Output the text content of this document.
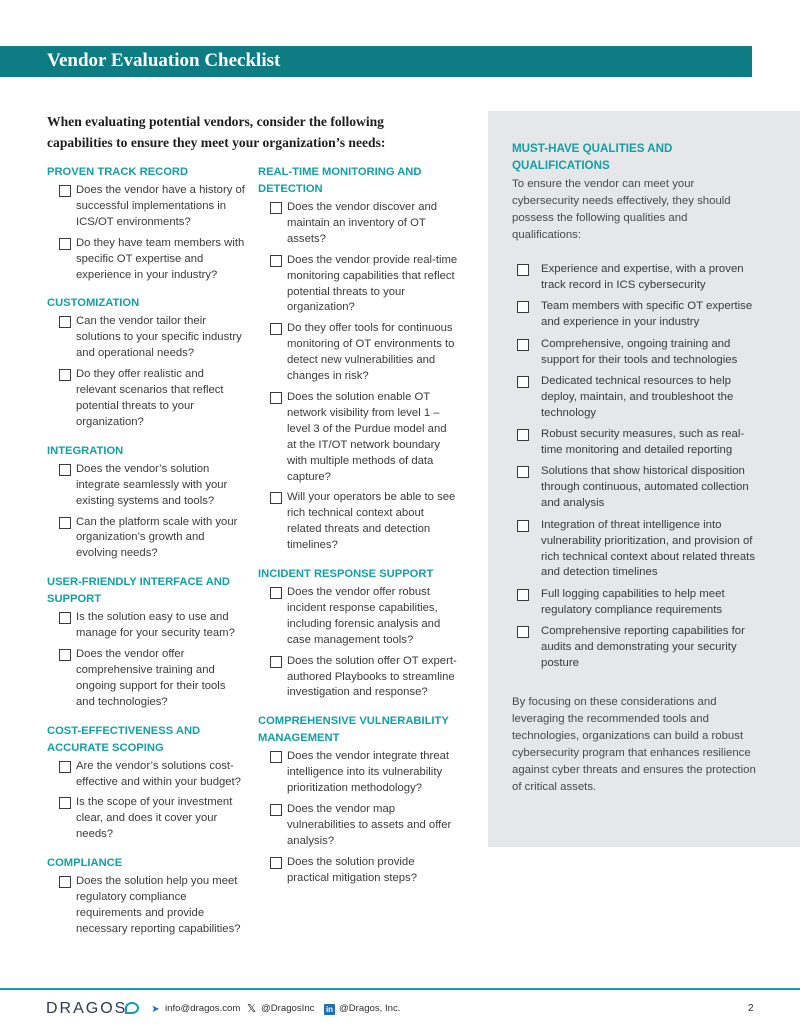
Vendor Evaluation Checklist
When evaluating potential vendors, consider the following capabilities to ensure they meet your organization’s needs:
PROVEN TRACK RECORD
Does the vendor have a history of successful implementations in ICS/OT environments?
Do they have team members with specific OT expertise and experience in your industry?
CUSTOMIZATION
Can the vendor tailor their solutions to your specific industry and operational needs?
Do they offer realistic and relevant scenarios that reflect potential threats to your organization?
INTEGRATION
Does the vendor’s solution integrate seamlessly with your existing systems and tools?
Can the platform scale with your organization’s growth and evolving needs?
USER-FRIENDLY INTERFACE AND SUPPORT
Is the solution easy to use and manage for your security team?
Does the vendor offer comprehensive training and ongoing support for their tools and technologies?
COST-EFFECTIVENESS AND ACCURATE SCOPING
Are the vendor’s solutions cost-effective and within your budget?
Is the scope of your investment clear, and does it cover your needs?
COMPLIANCE
Does the solution help you meet regulatory compliance requirements and provide necessary reporting capabilities?
REAL-TIME MONITORING AND DETECTION
Does the vendor discover and maintain an inventory of OT assets?
Does the vendor provide real-time monitoring capabilities that reflect potential threats to your organization?
Do they offer tools for continuous monitoring of OT environments to detect new vulnerabilities and changes in risk?
Does the solution enable OT network visibility from level 1 – level 3 of the Purdue model and at the IT/OT network boundary with multiple methods of data capture?
Will your operators be able to see rich technical context about related threats and detection timelines?
INCIDENT RESPONSE SUPPORT
Does the vendor offer robust incident response capabilities, including forensic analysis and case management tools?
Does the solution offer OT expert-authored Playbooks to streamline investigation and response?
COMPREHENSIVE VULNERABILITY MANAGEMENT
Does the vendor integrate threat intelligence into its vulnerability prioritization methodology?
Does the vendor map vulnerabilities to assets and offer analysis?
Does the solution provide practical mitigation steps?
MUST-HAVE QUALITIES AND QUALIFICATIONS
To ensure the vendor can meet your cybersecurity needs effectively, they should possess the following qualities and qualifications:
Experience and expertise, with a proven track record in ICS cybersecurity
Team members with specific OT expertise and experience in your industry
Comprehensive, ongoing training and support for their tools and technologies
Dedicated technical resources to help deploy, maintain, and troubleshoot the technology
Robust security measures, such as real-time monitoring and detailed reporting
Solutions that show historical disposition through continuous, automated collection and analysis
Integration of threat intelligence into vulnerability prioritization, and provision of rich technical context about related threats and detection timelines
Full logging capabilities to help meet regulatory compliance requirements
Comprehensive reporting capabilities for audits and demonstrating your security posture
By focusing on these considerations and leveraging the recommended tools and technologies, organizations can build a robust cybersecurity program that enhances resilience against cyber threats and ensures the protection of critical assets.
DRAGOS	➤ info@dragos.com 𝕏 @DragosInc in @Dragos, Inc.	2
